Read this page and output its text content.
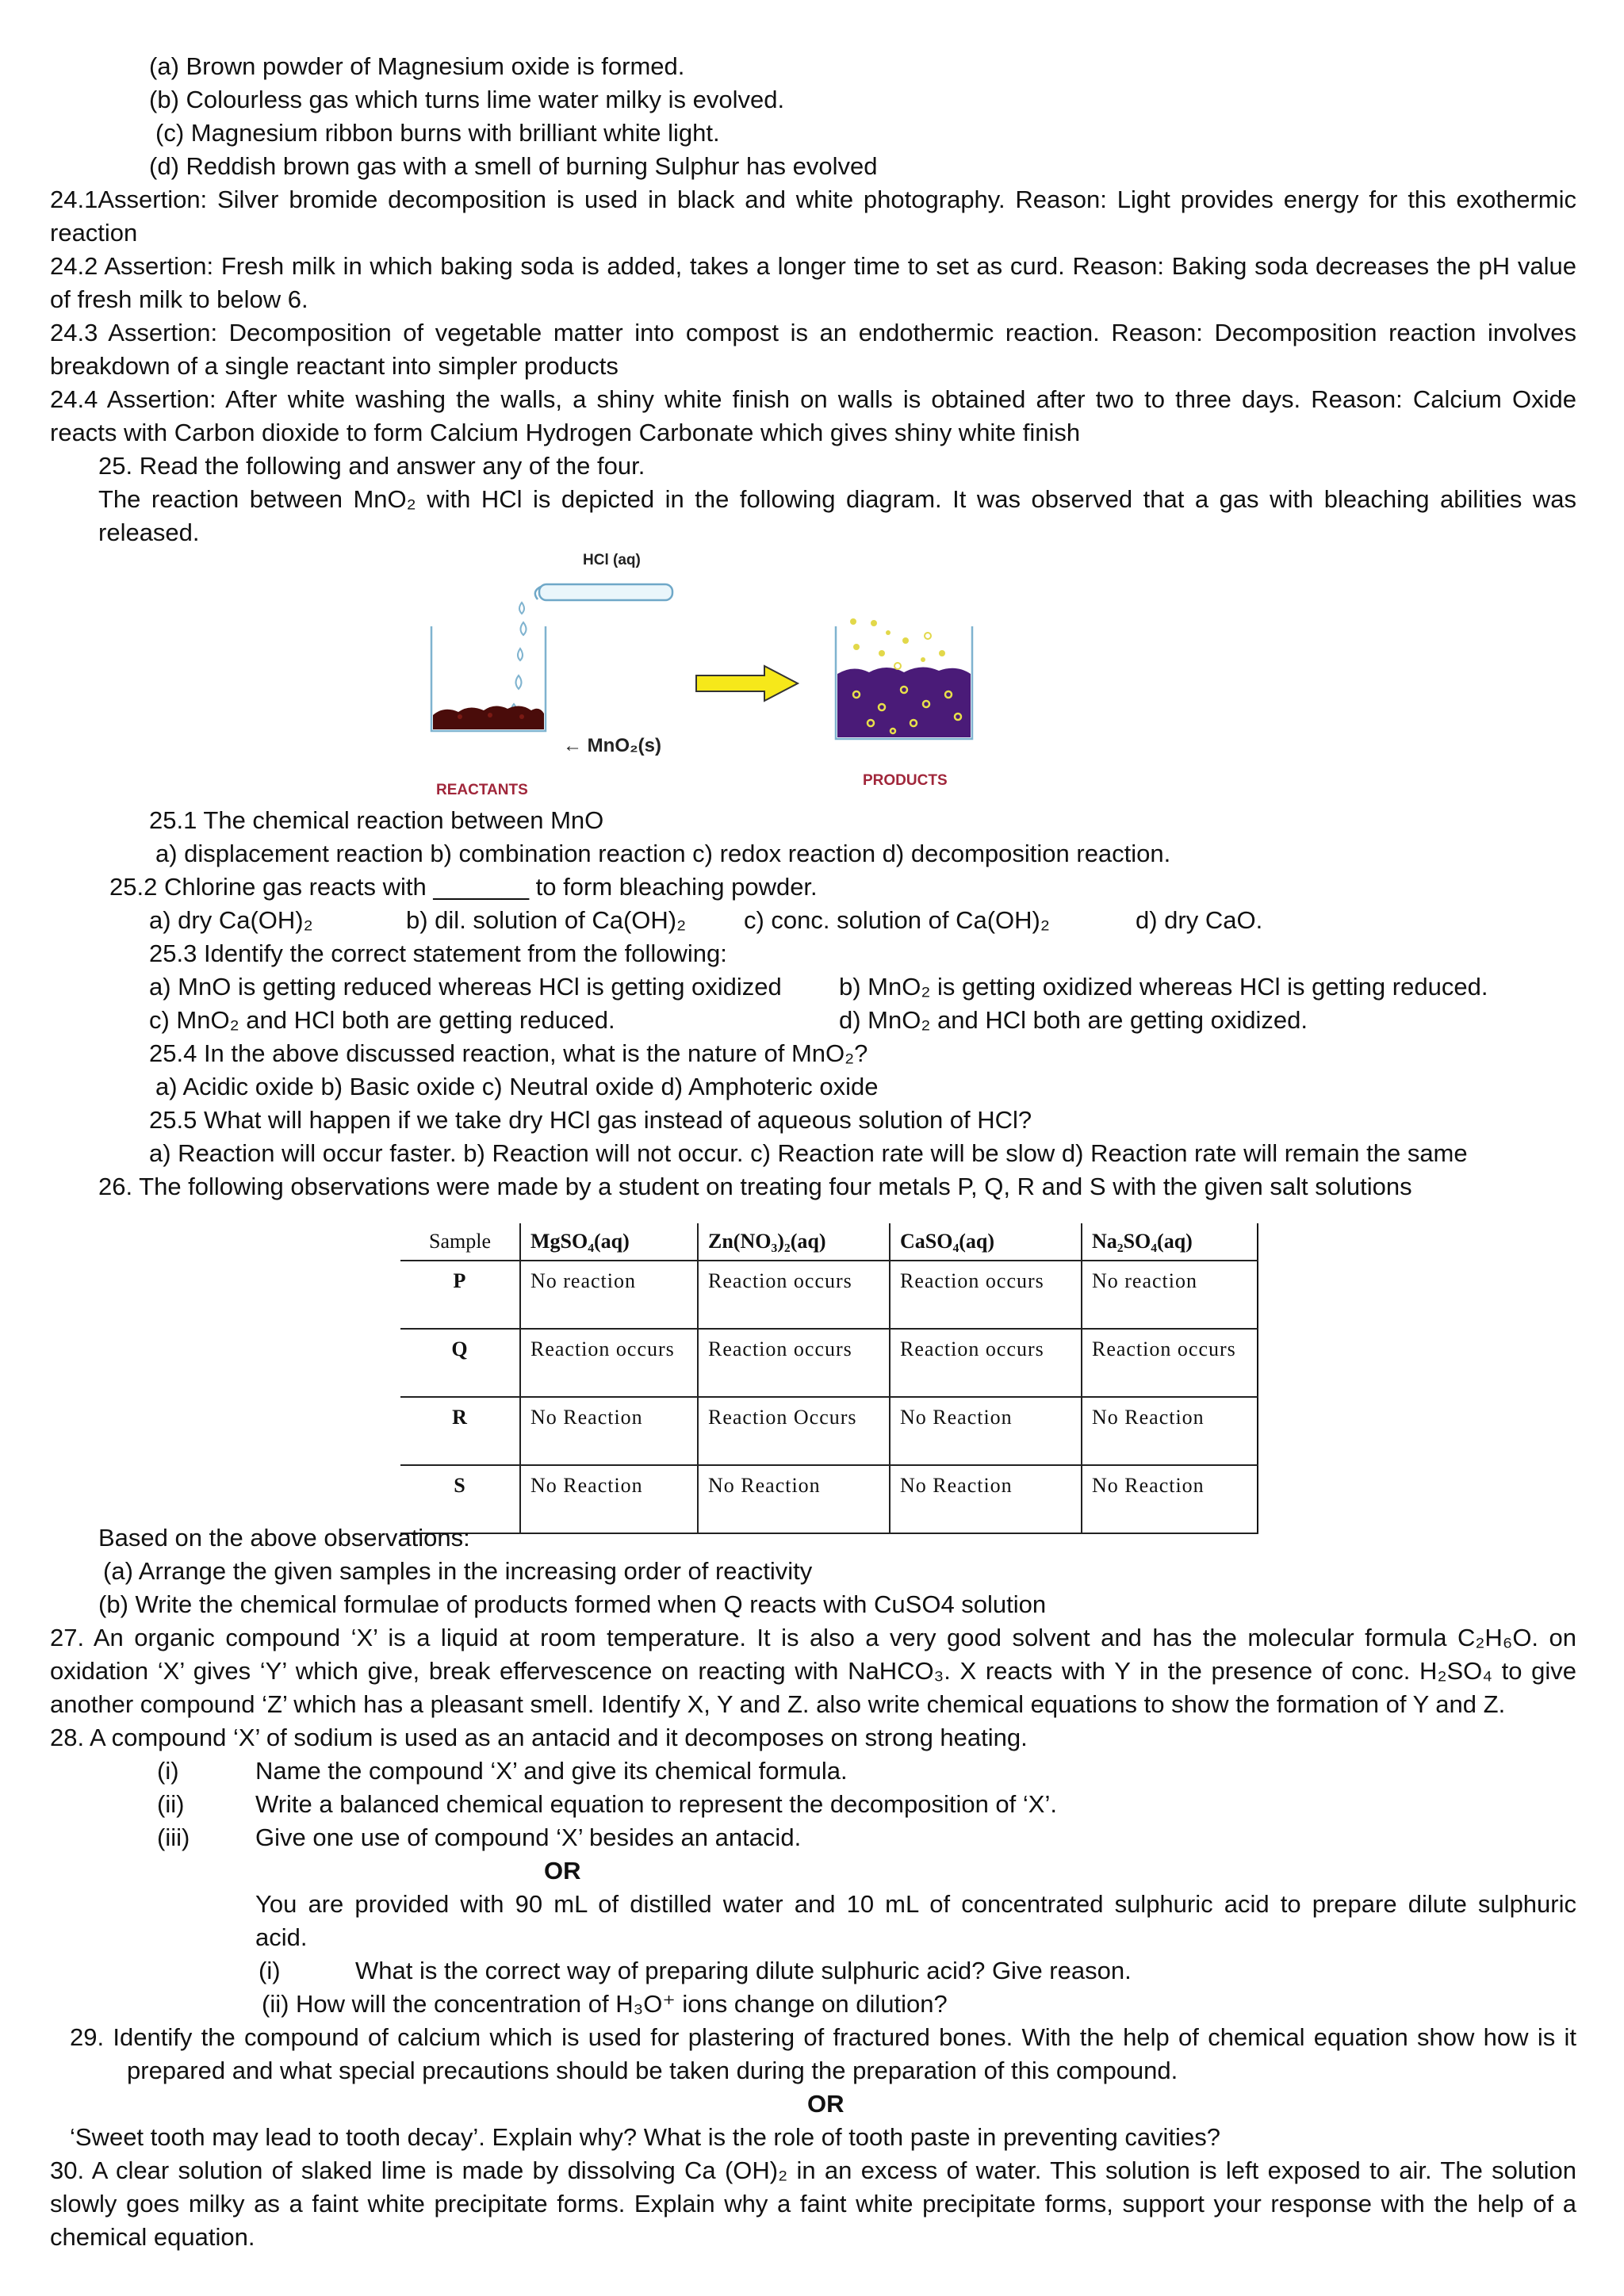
(a) Brown powder of Magnesium oxide is formed.
(b) Colourless gas which turns lime water milky is evolved.
(c) Magnesium ribbon burns with brilliant white light.
(d) Reddish brown gas with a smell of burning Sulphur has evolved
24.1Assertion: Silver bromide decomposition is used in black and white photography. Reason: Light provides energy for this exothermic
reaction
24.2 Assertion: Fresh milk in which baking soda is added, takes a longer time to set as curd. Reason: Baking soda decreases the pH value
of fresh milk to below 6.
24.3 Assertion: Decomposition of vegetable matter into compost is an endothermic reaction. Reason: Decomposition reaction involves
breakdown of a single reactant into simpler products
24.4 Assertion: After white washing the walls, a shiny white finish on walls is obtained after two to three days. Reason: Calcium Oxide
reacts with Carbon dioxide to form Calcium Hydrogen Carbonate which gives shiny white finish
25. Read the following and answer any of the four.
The reaction between MnO₂ with HCl is depicted in the following diagram. It was observed that a gas with bleaching abilities was
released.
HCl (aq)
← MnO₂(s)
REACTANTS
PRODUCTS
25.1 The chemical reaction between MnO
a) displacement reaction b) combination reaction c) redox reaction d) decomposition reaction.
25.2 Chlorine gas reacts with _______ to form bleaching powder.
a) dry Ca(OH)₂	b) dil. solution of Ca(OH)₂ c) conc. solution of Ca(OH)₂	d) dry CaO.
25.3 Identify the correct statement from the following:
a) MnO is getting reduced whereas HCl is getting oxidized b) MnO₂ is getting oxidized whereas HCl is getting reduced.
c) MnO₂ and HCl both are getting reduced.	d) MnO₂ and HCl both are getting oxidized.
25.4 In the above discussed reaction, what is the nature of MnO₂?
a) Acidic oxide b) Basic oxide c) Neutral oxide d) Amphoteric oxide
25.5 What will happen if we take dry HCl gas instead of aqueous solution of HCl?
a) Reaction will occur faster. b) Reaction will not occur. c) Reaction rate will be slow d) Reaction rate will remain the same
26. The following observations were made by a student on treating four metals P, Q, R and S with the given salt solutions
Sample	MgSO₄(aq)	Zn(NO₃)₂(aq)	CaSO₄(aq)	Na₂SO₄(aq)
P	No reaction	Reaction occurs	Reaction occurs	No reaction
Q	Reaction occurs	Reaction occurs	Reaction occurs	Reaction occurs
R	No Reaction	Reaction Occurs	No Reaction	No Reaction
S	No Reaction	No Reaction	No Reaction	No Reaction
Based on the above observations:
(a) Arrange the given samples in the increasing order of reactivity
(b) Write the chemical formulae of products formed when Q reacts with CuSO4 solution
27. An organic compound ‘X’ is a liquid at room temperature. It is also a very good solvent and has the molecular formula C₂H₆O. on
oxidation ‘X’ gives ‘Y’ which give, break effervescence on reacting with NaHCO₃. X reacts with Y in the presence of conc. H₂SO₄ to give
another compound ‘Z’ which has a pleasant smell. Identify X, Y and Z. also write chemical equations to show the formation of Y and Z.
28. A compound ‘X’ of sodium is used as an antacid and it decomposes on strong heating.
(i)	Name the compound ‘X’ and give its chemical formula.
(ii)	Write a balanced chemical equation to represent the decomposition of ‘X’.
(iii)	Give one use of compound ‘X’ besides an antacid.
OR
You are provided with 90 mL of distilled water and 10 mL of concentrated sulphuric acid to prepare dilute sulphuric
acid.
(i)	What is the correct way of preparing dilute sulphuric acid? Give reason.
(ii) How will the concentration of H₃O⁺ ions change on dilution?
29. Identify the compound of calcium which is used for plastering of fractured bones. With the help of chemical equation show how is it
prepared and what special precautions should be taken during the preparation of this compound.
OR
‘Sweet tooth may lead to tooth decay’. Explain why? What is the role of tooth paste in preventing cavities?
30. A clear solution of slaked lime is made by dissolving Ca (OH)₂ in an excess of water. This solution is left exposed to air. The solution
slowly goes milky as a faint white precipitate forms. Explain why a faint white precipitate forms, support your response with the help of a
chemical equation.
